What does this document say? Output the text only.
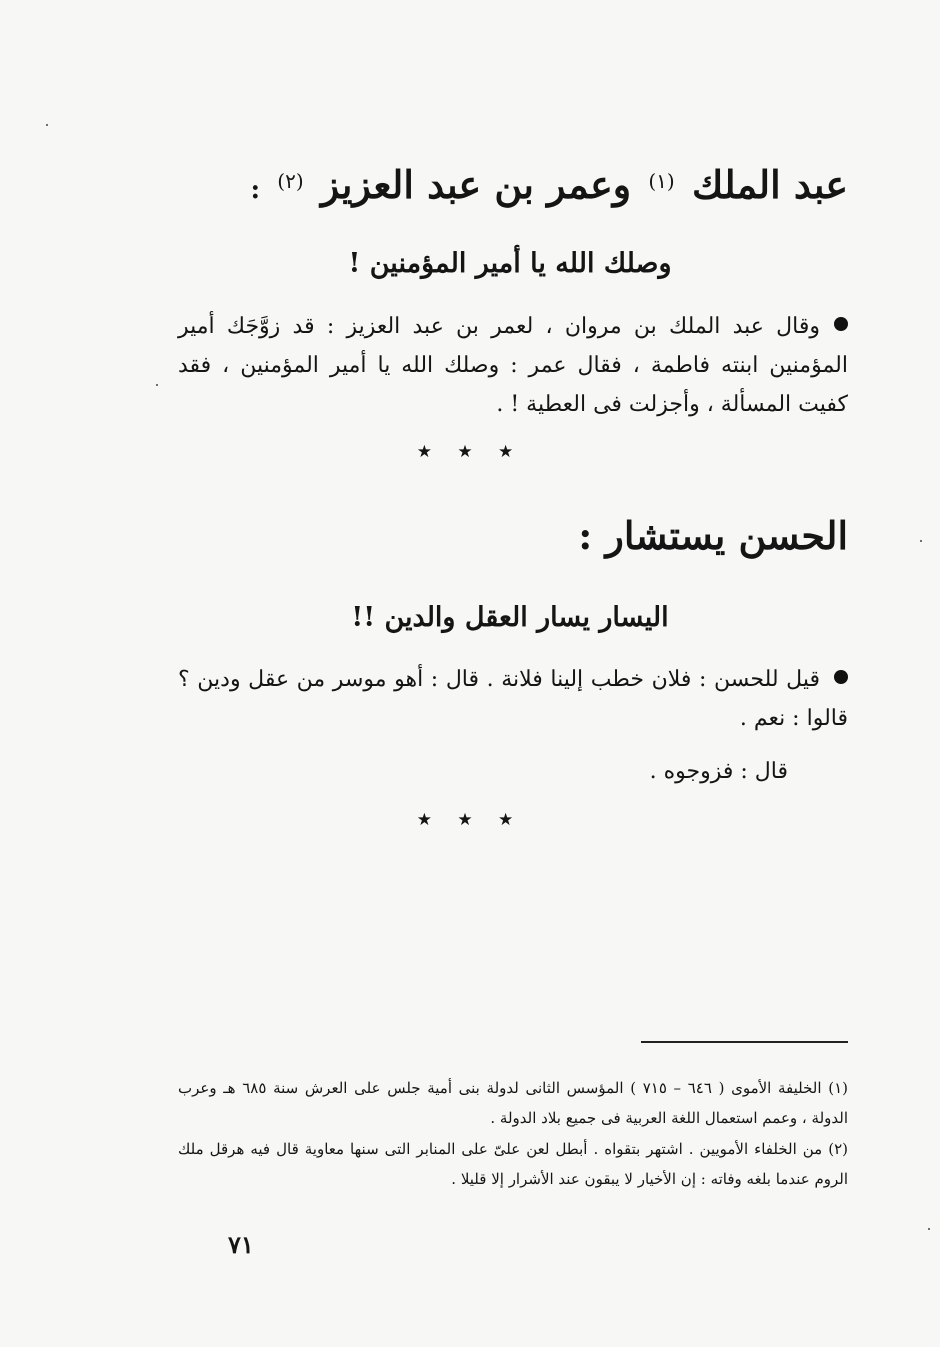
عبد الملك $^{(١)}$ وعمر بن عبد العزيز $^{(٢)}$ :
وصلك الله يا أمير المؤمنين !
وقال عبد الملك بن مروان ، لعمر بن عبد العزيز : قد زوَّجَك أمير المؤمنين ابنته فاطمة ، فقال عمر : وصلك الله يا أمير المؤمنين ، فقد كفيت المسألة ، وأجزلت فى العطية ! .
★ ★ ★
الحسن يستشار :
اليسار يسار العقل والدين !!
قيل للحسن : فلان خطب إلينا فلانة . قال : أهو موسر من عقل ودين ؟ قالوا : نعم .
قال : فزوجوه .
★ ★ ★
(١) الخليفة الأموى ( ٦٤٦ – ٧١٥ ) المؤسس الثانى لدولة بنى أمية جلس على العرش سنة ٦٨٥ هـ وعرب الدولة ، وعمم استعمال اللغة العربية فى جميع بلاد الدولة .
(٢) من الخلفاء الأمويين . اشتهر بتقواه . أبطل لعن علىّ على المنابر التى سنها معاوية قال فيه هرقل ملك الروم عندما بلغه وفاته : إن الأخيار لا يبقون عند الأشرار إلا قليلا .
٧١
